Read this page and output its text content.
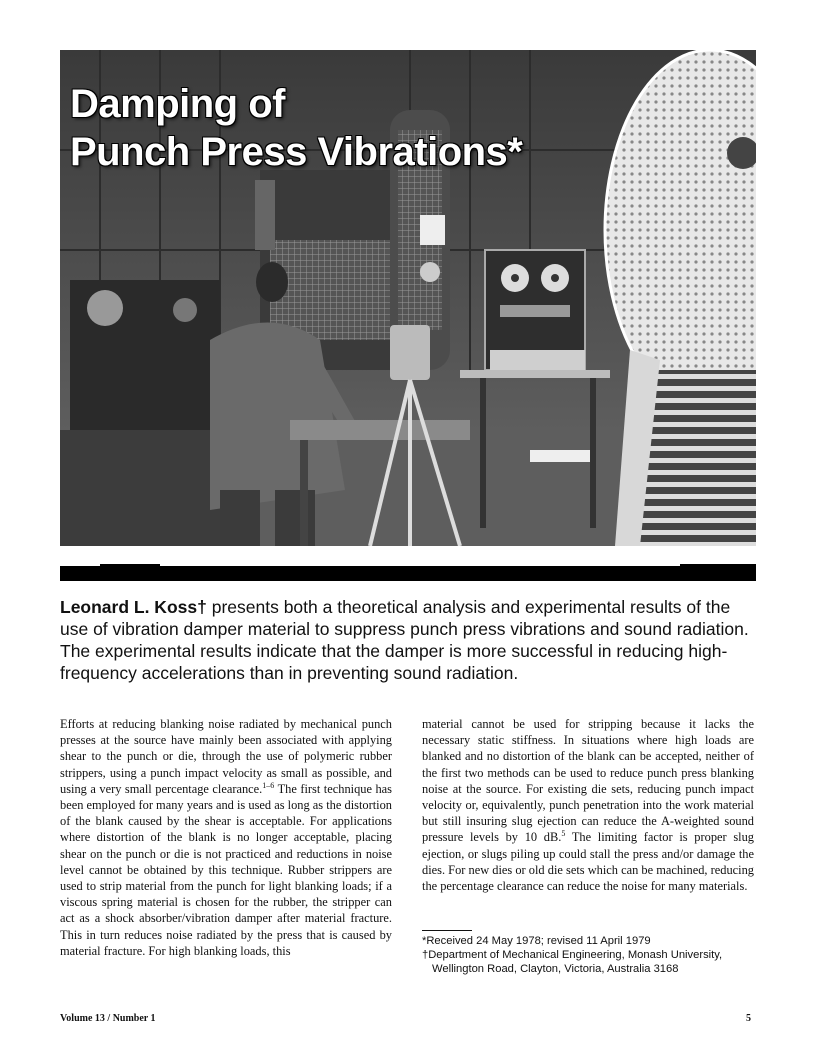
Damping of
Punch Press Vibrations*

Leonard L. Koss† presents both a theoretical analysis and experimental results of the use of vibration damper material to suppress punch press vibrations and sound radiation. The experimental results indicate that the damper is more successful in reducing high-frequency accelerations than in preventing sound radiation.

Efforts at reducing blanking noise radiated by mechanical punch presses at the source have mainly been associated with applying shear to the punch or die, through the use of polymeric rubber strippers, using a punch impact velocity as small as possible, and using a very small percentage clearance.$^{1-6}$ The first technique has been employed for many years and is used as long as the distortion of the blank caused by the shear is acceptable. For applications where distortion of the blank is no longer acceptable, placing shear on the punch or die is not practiced and reductions in noise level cannot be obtained by this technique. Rubber strippers are used to strip material from the punch for light blanking loads; if a viscous spring material is chosen for the rubber, the stripper can act as a shock absorber/vibration damper after material fracture. This in turn reduces noise radiated by the press that is caused by material fracture. For high blanking loads, this

material cannot be used for stripping because it lacks the necessary static stiffness. In situations where high loads are blanked and no distortion of the blank can be accepted, neither of the first two methods can be used to reduce punch press blanking noise at the source. For existing die sets, reducing punch impact velocity or, equivalently, punch penetration into the work material but still insuring slug ejection can reduce the A-weighted sound pressure levels by 10 dB.$^5$ The limiting factor is proper slug ejection, or slugs piling up could stall the press and/or damage the dies. For new dies or old die sets which can be machined, reducing the percentage clearance can reduce the noise for many materials.

*Received 24 May 1978; revised 11 April 1979

†Department of Mechanical Engineering, Monash University, Wellington Road, Clayton, Victoria, Australia 3168

Volume 13 / Number 1	5
